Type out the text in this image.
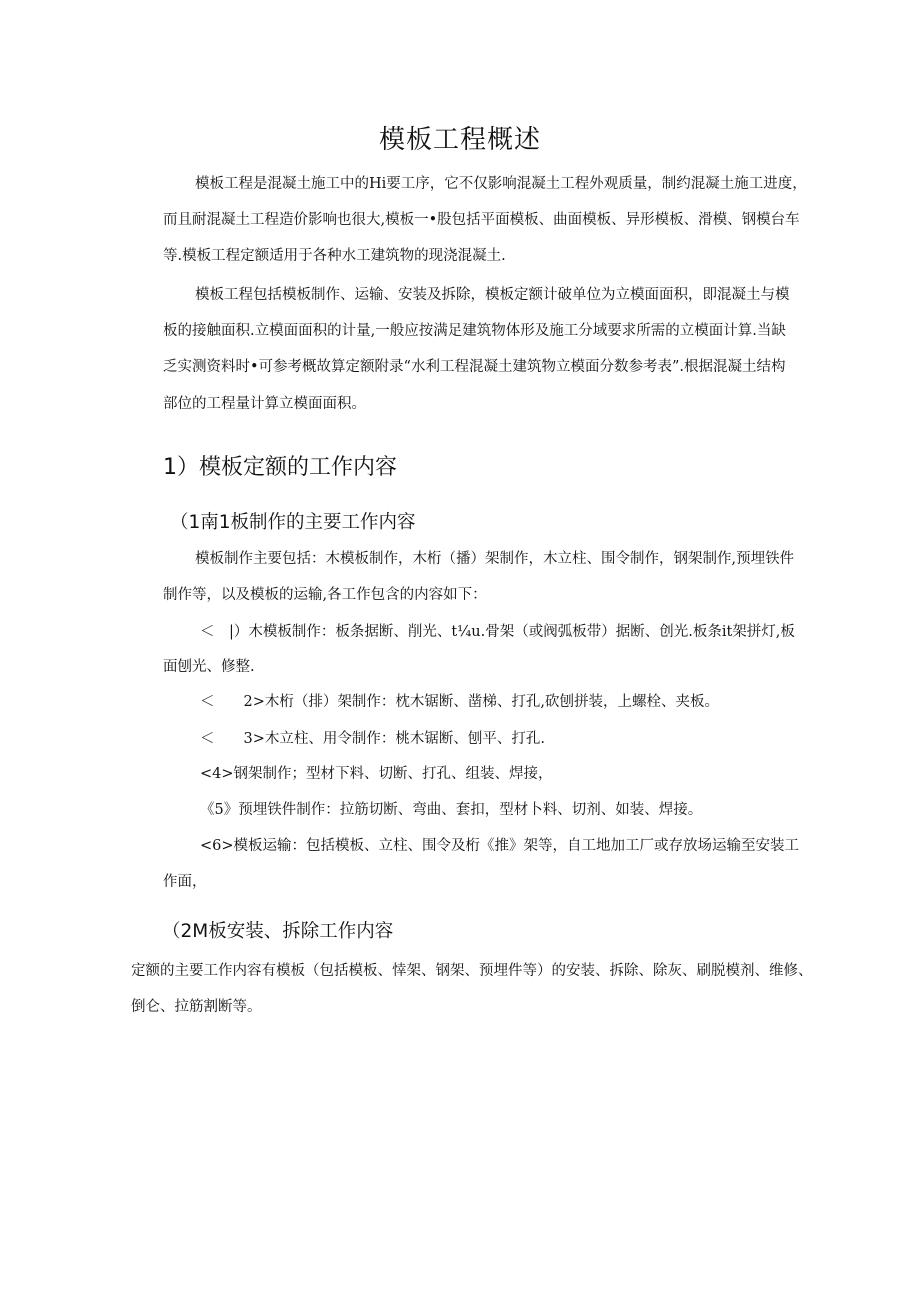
模板工程概述
模板工程是混凝土施工中的Hi要工序，它不仅影响混凝土工程外观质量，制约混凝土施工进度，
而且耐混凝土工程造价影响也很大,模板一•股包括平面模板、曲面模板、异形模板、滑模、钢模台车
等.模板工程定额适用于各种水工建筑物的现浇混凝土.
模板工程包括模板制作、运输、安装及拆除，模板定额计破单位为立模面面积，即混凝土与模
板的接触面积.立模面面积的计量,一般应按满足建筑物体形及施工分域要求所需的立模面计算.当缺
乏实测资料时•可参考概故算定额附录“水利工程混凝土建筑物立模面分数参考表”.根据混凝土结构
部位的工程量计算立模面面积。
1）模板定额的工作内容
（1南1板制作的主要工作内容
模板制作主要包括：木模板制作，木桁（播）架制作，木立柱、围令制作，钢架制作,预埋铁件
制作等，以及模板的运输,各工作包含的内容如下：
＜　|）木模板制作：板条据断、削光、t¼u.骨架（或阀弧板带）据断、创光.板条it架拼灯,板
面刨光、修整.
＜　　2>木桁（排）架制作：枕木锯断、凿梯、打孔,砍刨拼装，上螺栓、夹板。
＜　　3>木立柱、用令制作：桃木锯断、刨平、打孔.
<4>钢架制作；型材下料、切断、打孔、组装、焊接，
《5》预埋铁件制作：拉筋切断、弯曲、套扣，型材卜料、切剂、如装、焊接。
<6>模板运输：包括模板、立柱、围令及桁《推》架等，自工地加工厂或存放场运输至安装工
作面，
（2M板安装、拆除工作内容
定额的主要工作内容有模板（包括模板、悻架、钢架、预埋件等）的安装、拆除、除灰、刷脱模剂、维修、
倒仑、拉筋割断等。
